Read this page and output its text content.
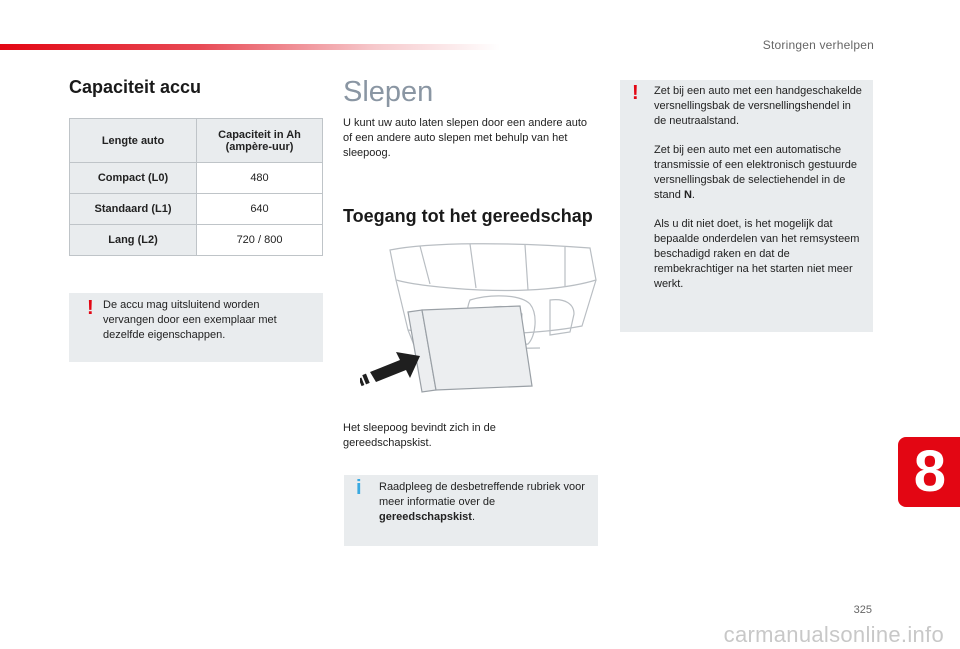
Storingen verhelpen
Capaciteit accu
Lengte auto	Capaciteit in Ah (ampère-uur)
Compact (L0)	480
Standaard (L1)	640
Lang (L2)	720 / 800
! De accu mag uitsluitend worden vervangen door een exemplaar met dezelfde eigenschappen.

Slepen

U kunt uw auto laten slepen door een andere auto of een andere auto slepen met behulp van het sleepoog.

Toegang tot het gereedschap

Het sleepoog bevindt zich in de gereedschapskist.

i Raadpleeg de desbetreffende rubriek voor meer informatie over de gereedschapskist.

! Zet bij een auto met een handgeschakelde versnellingsbak de versnellingshendel in de neutraalstand.

Zet bij een auto met een automatische transmissie of een elektronisch gestuurde versnellingsbak de selectiehendel in de stand N.

Als u dit niet doet, is het mogelijk dat bepaalde onderdelen van het remsysteem beschadigd raken en dat de rembekrachtiger na het starten niet meer werkt.

8
325
carmanualsonline.info
